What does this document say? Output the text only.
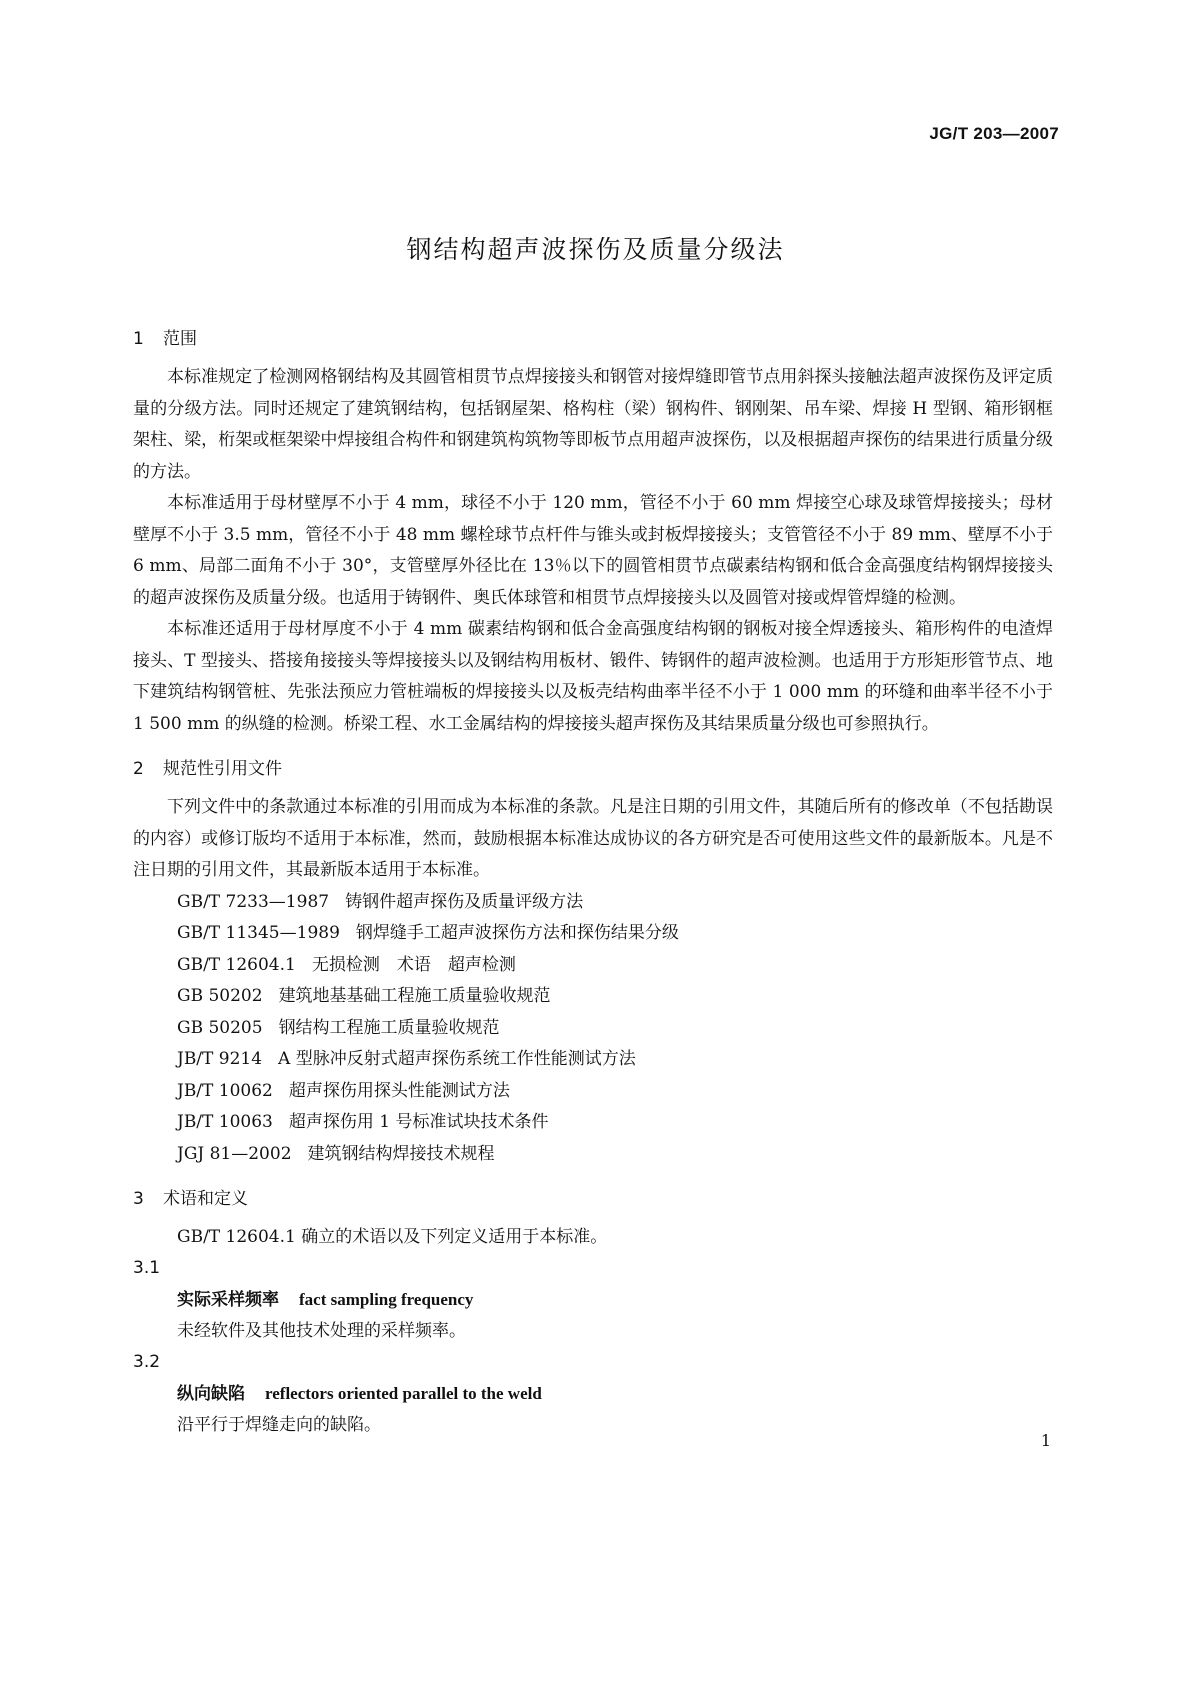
JG/T 203—2007
钢结构超声波探伤及质量分级法
1 范围

本标准规定了检测网格钢结构及其圆管相贯节点焊接接头和钢管对接焊缝即管节点用斜探头接触法超声波探伤及评定质量的分级方法。同时还规定了建筑钢结构，包括钢屋架、格构柱（梁）钢构件、钢刚架、吊车梁、焊接 H 型钢、箱形钢框架柱、梁，桁架或框架梁中焊接组合构件和钢建筑构筑物等即板节点用超声波探伤，以及根据超声探伤的结果进行质量分级的方法。

本标准适用于母材壁厚不小于 4 mm，球径不小于 120 mm，管径不小于 60 mm 焊接空心球及球管焊接接头；母材壁厚不小于 3.5 mm，管径不小于 48 mm 螺栓球节点杆件与锥头或封板焊接接头；支管管径不小于 89 mm、壁厚不小于 6 mm、局部二面角不小于 30°，支管壁厚外径比在 13％以下的圆管相贯节点碳素结构钢和低合金高强度结构钢焊接接头的超声波探伤及质量分级。也适用于铸钢件、奥氏体球管和相贯节点焊接接头以及圆管对接或焊管焊缝的检测。

本标准还适用于母材厚度不小于 4 mm 碳素结构钢和低合金高强度结构钢的钢板对接全焊透接头、箱形构件的电渣焊接头、T 型接头、搭接角接接头等焊接接头以及钢结构用板材、锻件、铸钢件的超声波检测。也适用于方形矩形管节点、地下建筑结构钢管桩、先张法预应力管桩端板的焊接接头以及板壳结构曲率半径不小于 1 000 mm 的环缝和曲率半径不小于 1 500 mm 的纵缝的检测。桥梁工程、水工金属结构的焊接接头超声探伤及其结果质量分级也可参照执行。

2 规范性引用文件

下列文件中的条款通过本标准的引用而成为本标准的条款。凡是注日期的引用文件，其随后所有的修改单（不包括勘误的内容）或修订版均不适用于本标准，然而，鼓励根据本标准达成协议的各方研究是否可使用这些文件的最新版本。凡是不注日期的引用文件，其最新版本适用于本标准。

GB/T 7233—1987 铸钢件超声探伤及质量评级方法
GB/T 11345—1989 钢焊缝手工超声波探伤方法和探伤结果分级
GB/T 12604.1 无损检测　术语　超声检测
GB 50202 建筑地基基础工程施工质量验收规范
GB 50205 钢结构工程施工质量验收规范
JB/T 9214 A 型脉冲反射式超声探伤系统工作性能测试方法
JB/T 10062 超声探伤用探头性能测试方法
JB/T 10063 超声探伤用 1 号标准试块技术条件
JGJ 81—2002 建筑钢结构焊接技术规程
3 术语和定义
GB/T 12604.1 确立的术语以及下列定义适用于本标准。
3.1
实际采样频率 fact sampling frequency
未经软件及其他技术处理的采样频率。
3.2
纵向缺陷 reflectors oriented parallel to the weld
沿平行于焊缝走向的缺陷。
1
